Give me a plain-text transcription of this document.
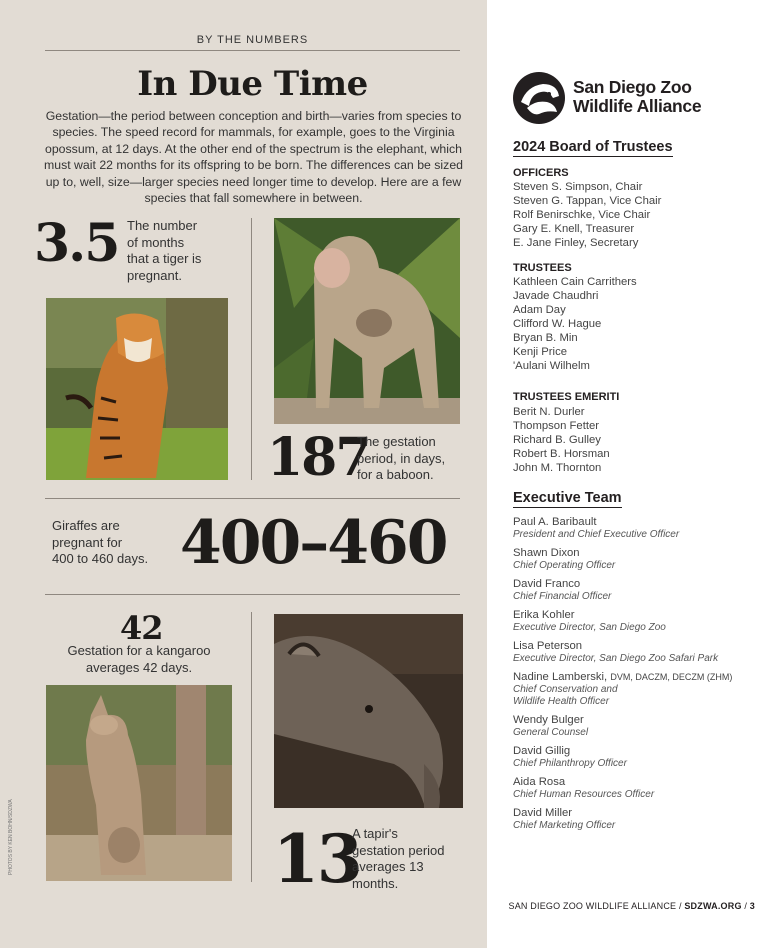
BY THE NUMBERS
In Due Time
Gestation—the period between conception and birth—varies from species to species. The speed record for mammals, for example, goes to the Virginia opossum, at 12 days. At the other end of the spectrum is the elephant, which must wait 22 months for its offspring to be born. The differences can be sized up to, well, size—larger species need longer time to develop. Here are a few species that fall somewhere in between.
3.5 The number
of months
that a tiger is
pregnant.
187
The gestation
period, in days,
for a baboon.
Giraffes are
pregnant for
400 to 460 days. 400–460
42
Gestation for a kangaroo
averages 42 days.
PHOTOS BY KEN BOHN/SDZWA	13
A tapir's
gestation period
averages 13
months.
San Diego Zoo
Wildlife Alliance
2024 Board of Trustees
OFFICERS
Steven S. Simpson, Chair
Steven G. Tappan, Vice Chair
Rolf Benirschke, Vice Chair
Gary E. Knell, Treasurer
E. Jane Finley, Secretary
TRUSTEES
Kathleen Cain Carrithers
Javade Chaudhri
Adam Day
Clifford W. Hague
Bryan B. Min
Kenji Price
'Aulani Wilhelm
TRUSTEES EMERITI
Berit N. Durler
Thompson Fetter
Richard B. Gulley
Robert B. Horsman
John M. Thornton
Executive Team
Paul A. Baribault
President and Chief Executive Officer
Shawn Dixon
Chief Operating Officer
David Franco
Chief Financial Officer
Erika Kohler
Executive Director, San Diego Zoo
Lisa Peterson
Executive Director, San Diego Zoo Safari Park
Nadine Lamberski, DVM, DACZM, DECZM (ZHM)
Chief Conservation and
Wildlife Health Officer
Wendy Bulger
General Counsel
David Gillig
Chief Philanthropy Officer
Aida Rosa
Chief Human Resources Officer
David Miller
Chief Marketing Officer
SAN DIEGO ZOO WILDLIFE ALLIANCE / SDZWA.ORG / 3
